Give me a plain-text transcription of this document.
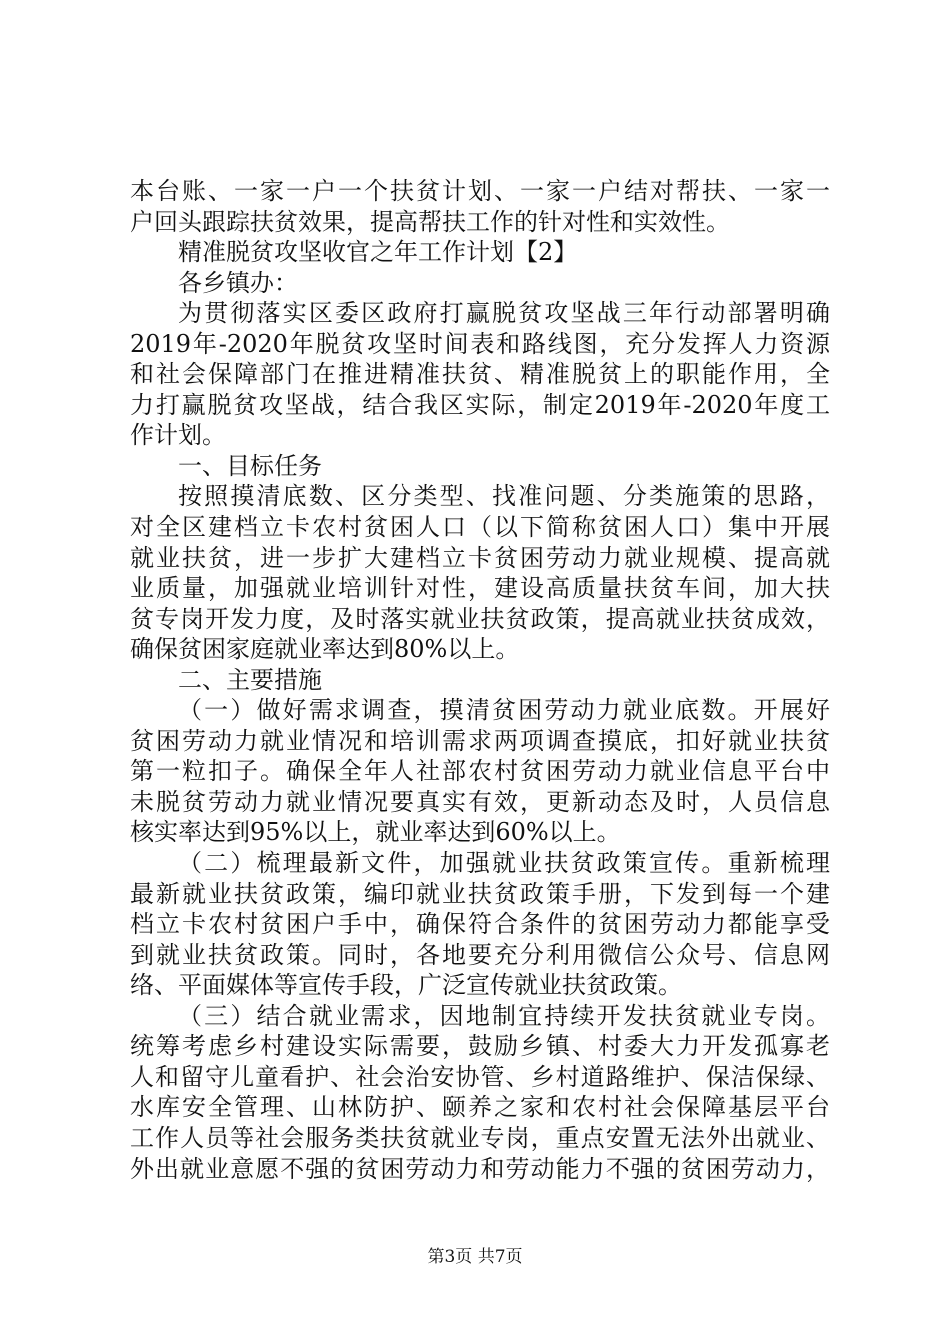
本台账、一家一户一个扶贫计划、一家一户结对帮扶、一家一
户回头跟踪扶贫效果，提高帮扶工作的针对性和实效性。
精准脱贫攻坚收官之年工作计划【2】
各乡镇办：
为贯彻落实区委区政府打赢脱贫攻坚战三年行动部署明确
2019年-2020年脱贫攻坚时间表和路线图，充分发挥人力资源
和社会保障部门在推进精准扶贫、精准脱贫上的职能作用，全
力打赢脱贫攻坚战，结合我区实际，制定2019年-2020年度工
作计划。
一、目标任务
按照摸清底数、区分类型、找准问题、分类施策的思路，
对全区建档立卡农村贫困人口（以下简称贫困人口）集中开展
就业扶贫，进一步扩大建档立卡贫困劳动力就业规模、提高就
业质量，加强就业培训针对性，建设高质量扶贫车间，加大扶
贫专岗开发力度，及时落实就业扶贫政策，提高就业扶贫成效，
确保贫困家庭就业率达到80%以上。
二、主要措施
（一）做好需求调查，摸清贫困劳动力就业底数。开展好
贫困劳动力就业情况和培训需求两项调查摸底，扣好就业扶贫
第一粒扣子。确保全年人社部农村贫困劳动力就业信息平台中
未脱贫劳动力就业情况要真实有效，更新动态及时，人员信息
核实率达到95%以上，就业率达到60%以上。
（二）梳理最新文件，加强就业扶贫政策宣传。重新梳理
最新就业扶贫政策，编印就业扶贫政策手册，下发到每一个建
档立卡农村贫困户手中，确保符合条件的贫困劳动力都能享受
到就业扶贫政策。同时，各地要充分利用微信公众号、信息网
络、平面媒体等宣传手段，广泛宣传就业扶贫政策。
（三）结合就业需求，因地制宜持续开发扶贫就业专岗。
统筹考虑乡村建设实际需要，鼓励乡镇、村委大力开发孤寡老
人和留守儿童看护、社会治安协管、乡村道路维护、保洁保绿、
水库安全管理、山林防护、颐养之家和农村社会保障基层平台
工作人员等社会服务类扶贫就业专岗，重点安置无法外出就业、
外出就业意愿不强的贫困劳动力和劳动能力不强的贫困劳动力，
第3页 共7页
